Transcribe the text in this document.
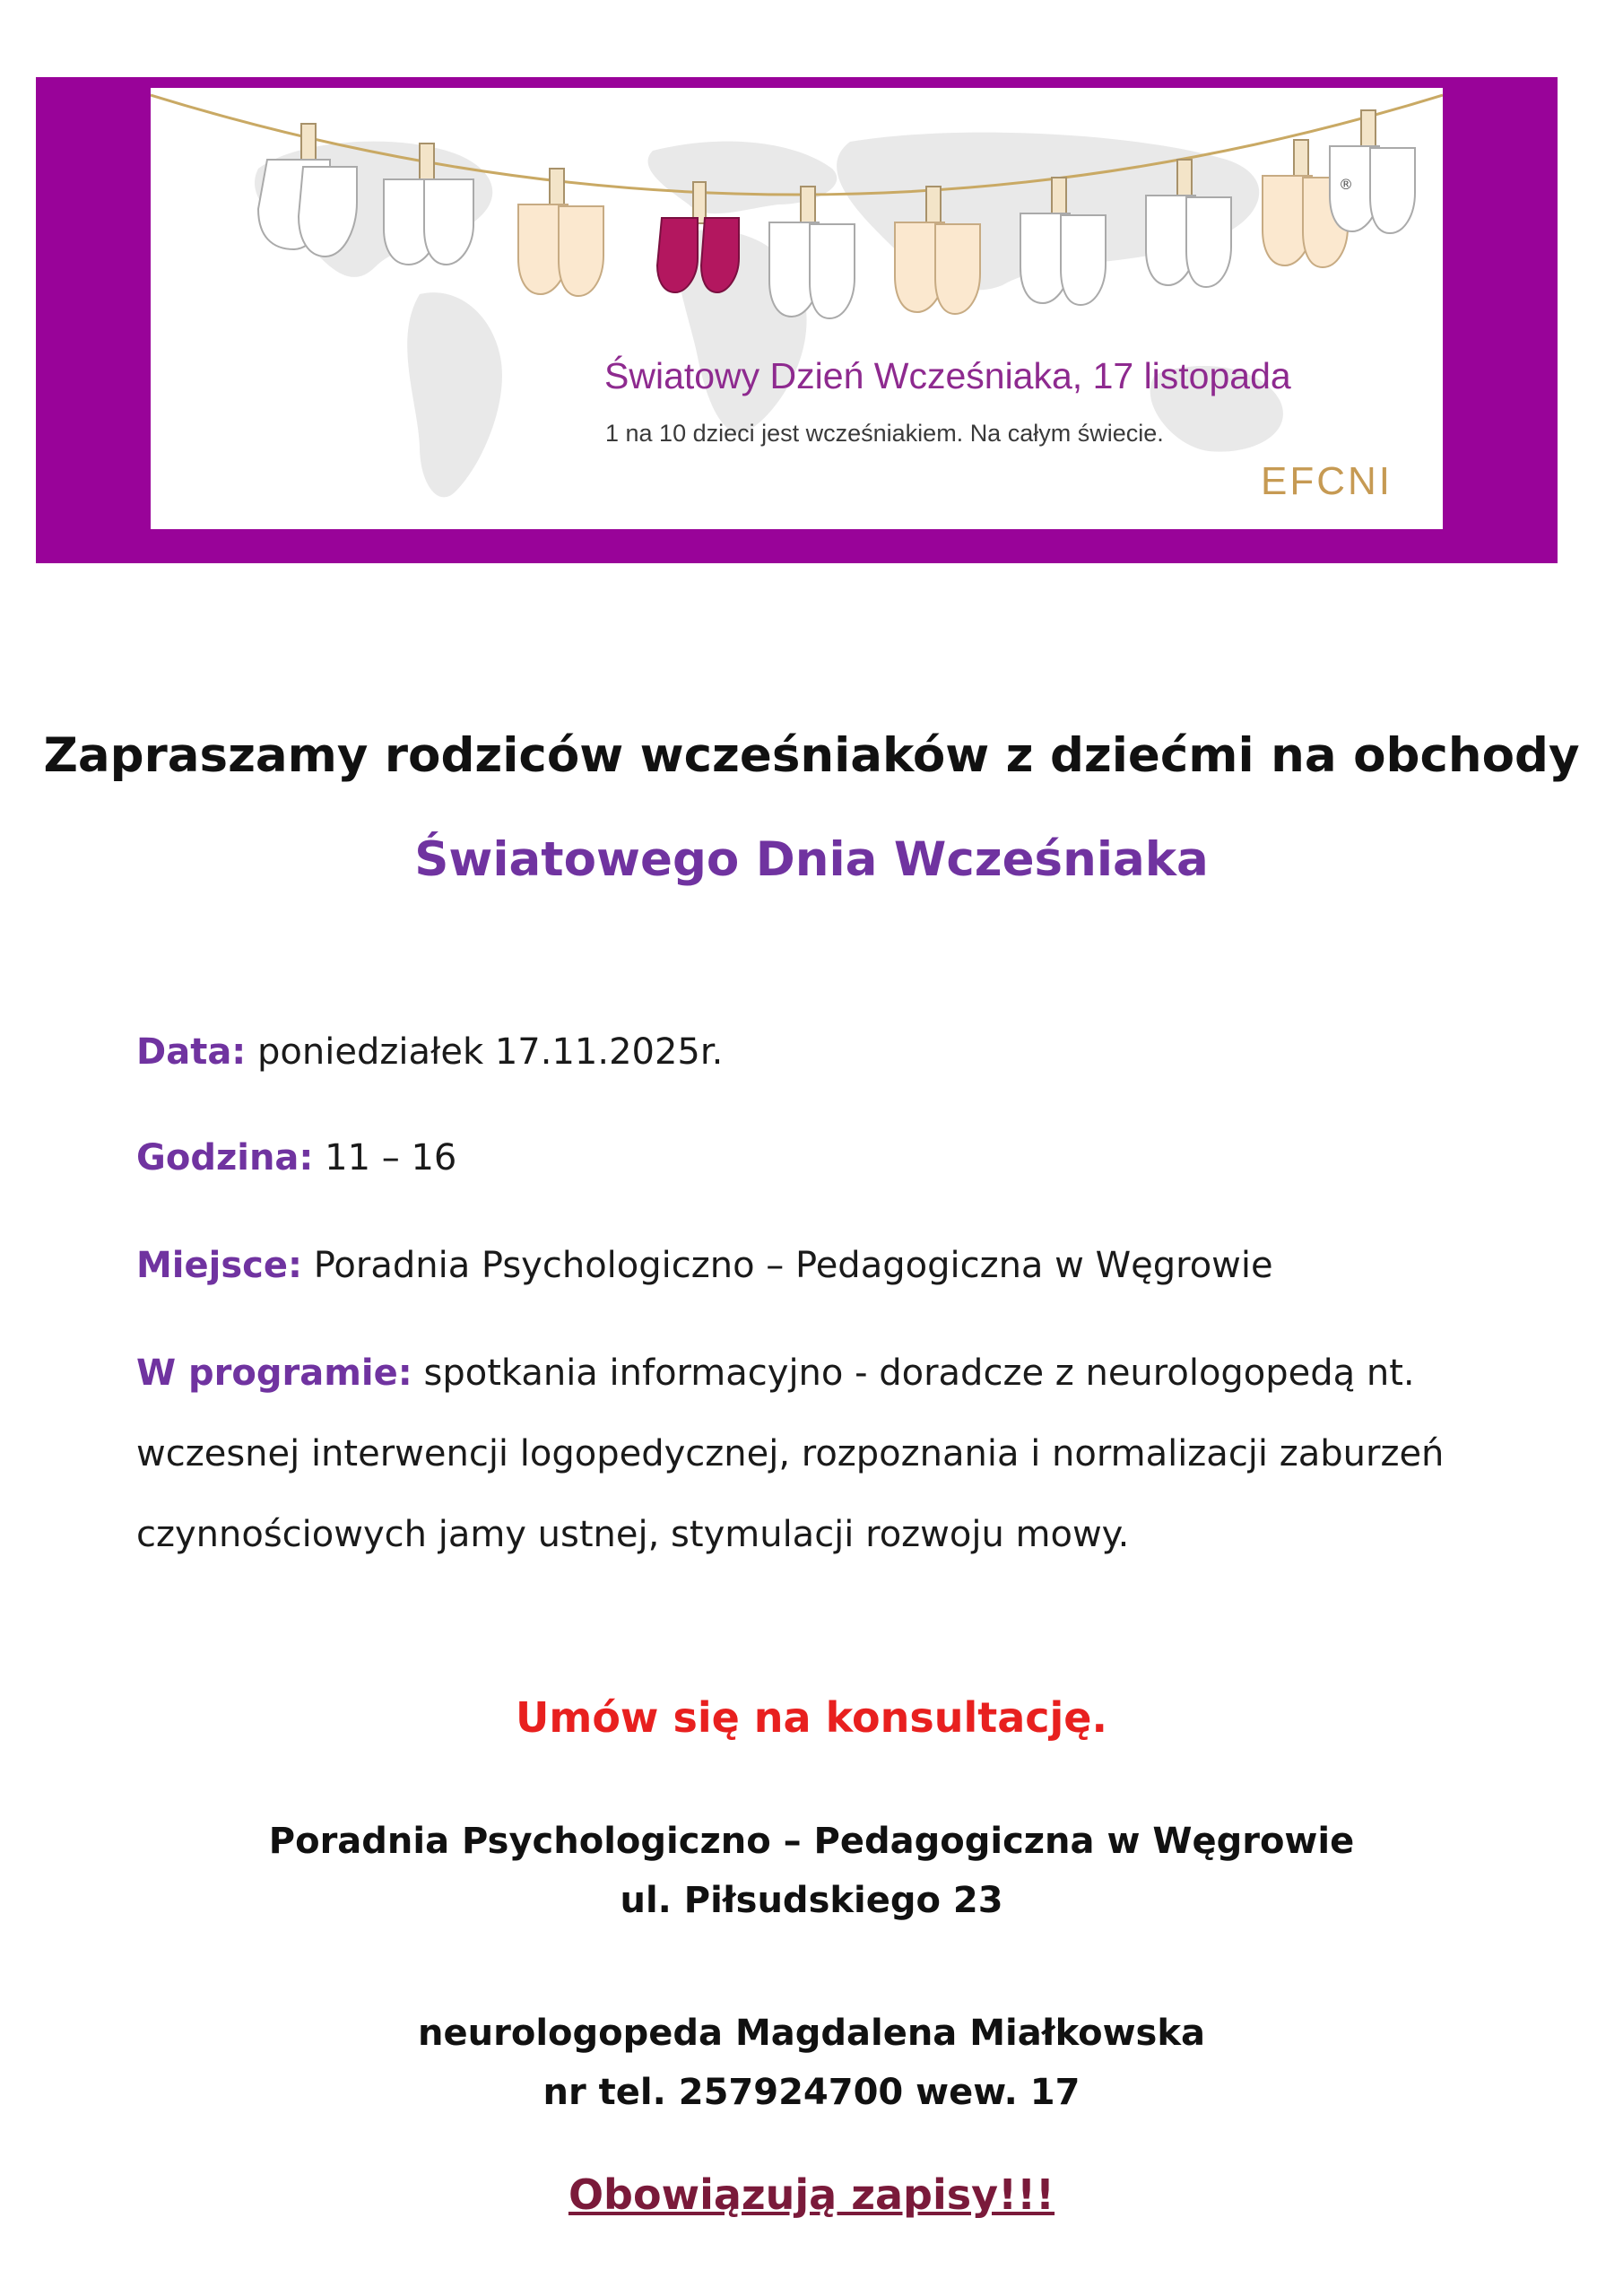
®
Światowy Dzień Wcześniaka, 17 listopada
1 na 10 dzieci jest wcześniakiem. Na całym świecie.
EFCNI
Zapraszamy rodziców wcześniaków z dziećmi na obchody
Światowego Dnia Wcześniaka
Data: poniedziałek 17.11.2025r.
Godzina: 11 – 16
Miejsce: Poradnia Psychologiczno – Pedagogiczna w Węgrowie
W programie: spotkania informacyjno - doradcze z neurologopedą nt.
wczesnej interwencji logopedycznej, rozpoznania i normalizacji zaburzeń
czynnościowych jamy ustnej, stymulacji rozwoju mowy.
Umów się na konsultację.
Poradnia Psychologiczno – Pedagogiczna w Węgrowie
ul. Piłsudskiego 23
neurologopeda Magdalena Miałkowska
nr tel. 257924700 wew. 17
Obowiązują zapisy!!!
